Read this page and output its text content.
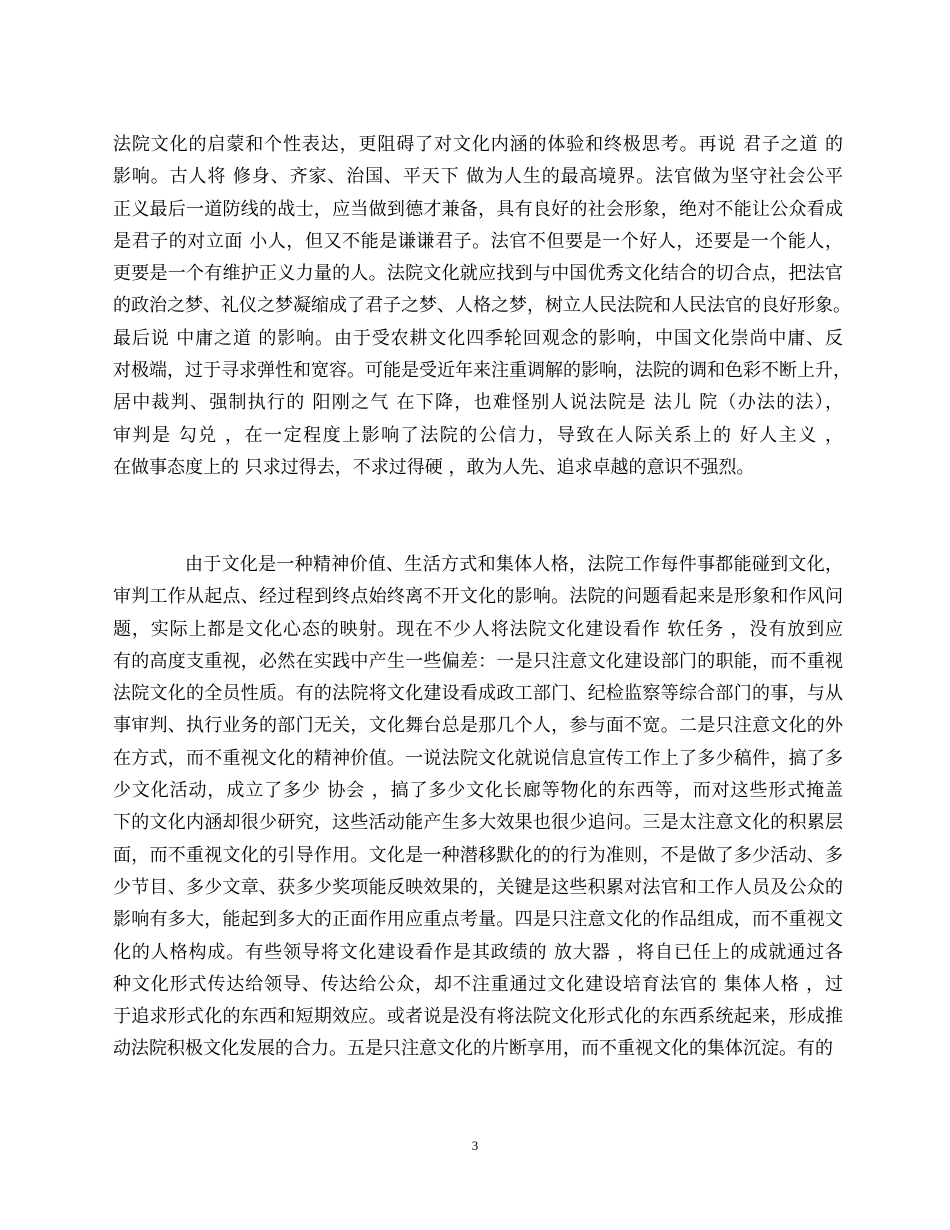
法院文化的启蒙和个性表达，更阻碍了对文化内涵的体验和终极思考。再说 君子之道 的
影响。古人将 修身、齐家、治国、平天下 做为人生的最高境界。法官做为坚守社会公平
正义最后一道防线的战士，应当做到德才兼备，具有良好的社会形象，绝对不能让公众看成
是君子的对立面 小人，但又不能是谦谦君子。法官不但要是一个好人，还要是一个能人，
更要是一个有维护正义力量的人。法院文化就应找到与中国优秀文化结合的切合点，把法官
的政治之梦、礼仪之梦凝缩成了君子之梦、人格之梦，树立人民法院和人民法官的良好形象。
最后说 中庸之道 的影响。由于受农耕文化四季轮回观念的影响，中国文化崇尚中庸、反
对极端，过于寻求弹性和宽容。可能是受近年来注重调解的影响，法院的调和色彩不断上升，
居中裁判、强制执行的 阳刚之气 在下降，也难怪别人说法院是 法儿 院（办法的法），
审判是 勾兑 ，在一定程度上影响了法院的公信力，导致在人际关系上的 好人主义 ，
在做事态度上的 只求过得去，不求过得硬 ，敢为人先、追求卓越的意识不强烈。
由于文化是一种精神价值、生活方式和集体人格，法院工作每件事都能碰到文化，
审判工作从起点、经过程到终点始终离不开文化的影响。法院的问题看起来是形象和作风问
题，实际上都是文化心态的映射。现在不少人将法院文化建设看作 软任务 ，没有放到应
有的高度支重视，必然在实践中产生一些偏差：一是只注意文化建设部门的职能，而不重视
法院文化的全员性质。有的法院将文化建设看成政工部门、纪检监察等综合部门的事，与从
事审判、执行业务的部门无关，文化舞台总是那几个人，参与面不宽。二是只注意文化的外
在方式，而不重视文化的精神价值。一说法院文化就说信息宣传工作上了多少稿件，搞了多
少文化活动，成立了多少 协会 ，搞了多少文化长廊等物化的东西等，而对这些形式掩盖
下的文化内涵却很少研究，这些活动能产生多大效果也很少追问。三是太注意文化的积累层
面，而不重视文化的引导作用。文化是一种潜移默化的的行为准则，不是做了多少活动、多
少节目、多少文章、获多少奖项能反映效果的，关键是这些积累对法官和工作人员及公众的
影响有多大，能起到多大的正面作用应重点考量。四是只注意文化的作品组成，而不重视文
化的人格构成。有些领导将文化建设看作是其政绩的 放大器 ，将自已任上的成就通过各
种文化形式传达给领导、传达给公众，却不注重通过文化建设培育法官的 集体人格 ，过
于追求形式化的东西和短期效应。或者说是没有将法院文化形式化的东西系统起来，形成推
动法院积极文化发展的合力。五是只注意文化的片断享用，而不重视文化的集体沉淀。有的
3
